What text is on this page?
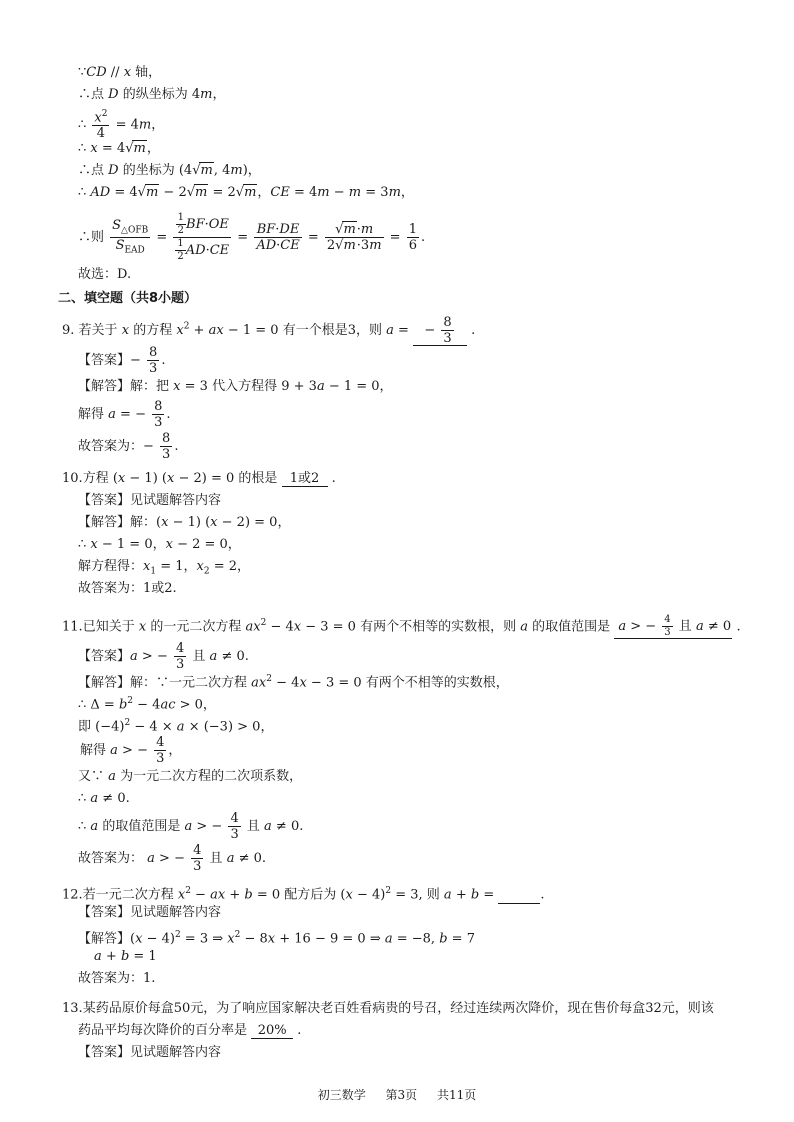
∵CD // x 轴，
∴点 D 的纵坐标为 4m，
∴ $\frac{x^2}{4} = 4m$，
∴ x = 4√m，
∴点 D 的坐标为 (4√m, 4m)，
∴ AD = 4√m − 2√m = 2√m，CE = 4m − m = 3m，
∴则 $\frac{S_{\triangle OFB}}{S_{EAD}} = \frac{\frac{1}{2} BF\cdot OE}{\frac{1}{2} AD\cdot CE} = \frac{BF\cdot DE}{AD\cdot CE} = \frac{√m\cdot m}{2√m\cdot 3m} = \frac{1}{6}$ .
故选：D.
二、填空题（共8小题）
9. 若关于 x 的方程 $x^2$ + ax − 1 = 0 有一个根是3，则 a = − $\frac{8}{3}$ .
【答案】− $\frac{8}{3}$ .
【解答】解：把 x = 3 代入方程得 9 + 3a − 1 = 0，
解得 a = − $\frac{8}{3}$ .
故答案为：− $\frac{8}{3}$ .
10.方程 (x − 1) (x − 2) = 0 的根是 1或2 .
【答案】见试题解答内容
【解答】解：(x − 1) (x − 2) = 0，
∴ x − 1 = 0，x − 2 = 0，
解方程得：$x_1 = 1$，$x_2 = 2$，
故答案为：1或2.
11.已知关于 x 的一元二次方程 $ax^2 - 4x - 3 = 0$ 有两个不相等的实数根，则 a 的取值范围是 a > − $\frac{4}{3}$ 且 a ≠ 0 .
【答案】a > − $\frac{4}{3}$ 且 a ≠ 0.
【解答】解：∵一元二次方程 $ax^2 - 4x - 3 = 0$ 有两个不相等的实数根，
∴ $\Delta = b^2 - 4ac > 0$，
即 $(-4)^2 - 4 \times a \times (-3) > 0$，
解得 a > − $\frac{4}{3}$ ，
又∵ a 为一元二次方程的二次项系数，
∴ a ≠ 0.
∴ a 的取值范围是 a > − $\frac{4}{3}$ 且 a ≠ 0.
故答案为： a > − $\frac{4}{3}$ 且 a ≠ 0.
12.若一元二次方程 $x^2$ − ax + b = 0 配方后为 $(x - 4)^2 = 3$, 则 a + b =	.
【答案】见试题解答内容
【解答】$(x - 4)^2 = 3$ ⇒ $x^2 - 8x + 16 - 9 = 0$ ⇒ a = −8, b = 7
a + b = 1
故答案为：1.
13.某药品原价每盒50元，为了响应国家解决老百姓看病贵的号召，经过连续两次降价，现在售价每盒32元，则该
药品平均每次降价的百分率是 20% .
【答案】见试题解答内容
初三数学 第3页 共11页
